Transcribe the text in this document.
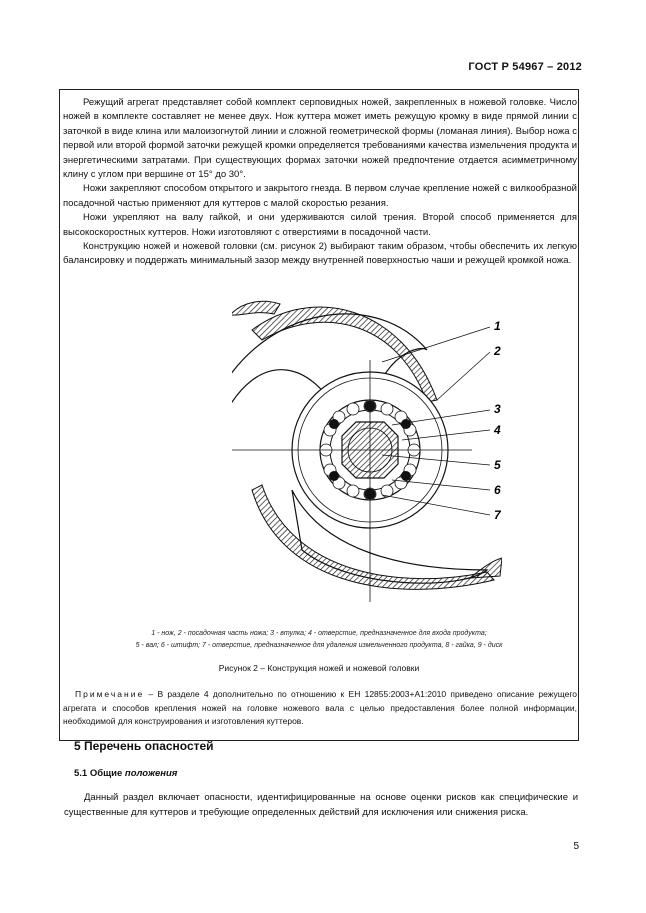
ГОСТ Р 54967 – 2012

Режущий агрегат представляет собой комплект серповидных ножей, закрепленных в ножевой головке. Число ножей в комплекте составляет не менее двух. Нож куттера может иметь режущую кромку в виде прямой линии с заточкой в виде клина или малоизогнутой линии и сложной геометрической формы (ломаная линия). Выбор ножа с первой или второй формой заточки режущей кромки определяется требованиями качества измельчения продукта и энергетическими затратами. При существующих формах заточки ножей предпочтение отдается асимметричному клину с углом при вершине от 15° до 30°.

Ножи закрепляют способом открытого и закрытого гнезда. В первом случае крепление ножей с вилкообразной посадочной частью применяют для куттеров с малой скоростью резания.

Ножи укрепляют на валу гайкой, и они удерживаются силой трения. Второй способ применяется для высокоскоростных куттеров. Ножи изготовляют с отверстиями в посадочной части.

Конструкцию ножей и ножевой головки (см. рисунок 2) выбирают таким образом, чтобы обеспечить их легкую балансировку и поддержать минимальный зазор между внутренней поверхностью чаши и режущей кромкой ножа.

1
2
3
4
5
6
7
1 - нож, 2 - посадочная часть ножа; 3 - втулка; 4 - отверстие, предназначенное для входа продукта;
5 - вал; 6 - штифт; 7 - отверстие, предназначенное для удаления измельченного продукта, 8 - гайка, 9 - диск
Рисунок 2 – Конструкция ножей и ножевой головки
Примечание – В разделе 4 дополнительно по отношению к ЕН 12855:2003+А1:2010 приведено описание режущего агрегата и способов крепления ножей на головке ножевого вала с целью предоставления более полной информации, необходимой для конструирования и изготовления куттеров.
5 Перечень опасностей
5.1 Общие положения

Данный раздел включает опасности, идентифицированные на основе оценки рисков как специфические и существенные для куттеров и требующие определенных действий для исключения или снижения риска.

5
